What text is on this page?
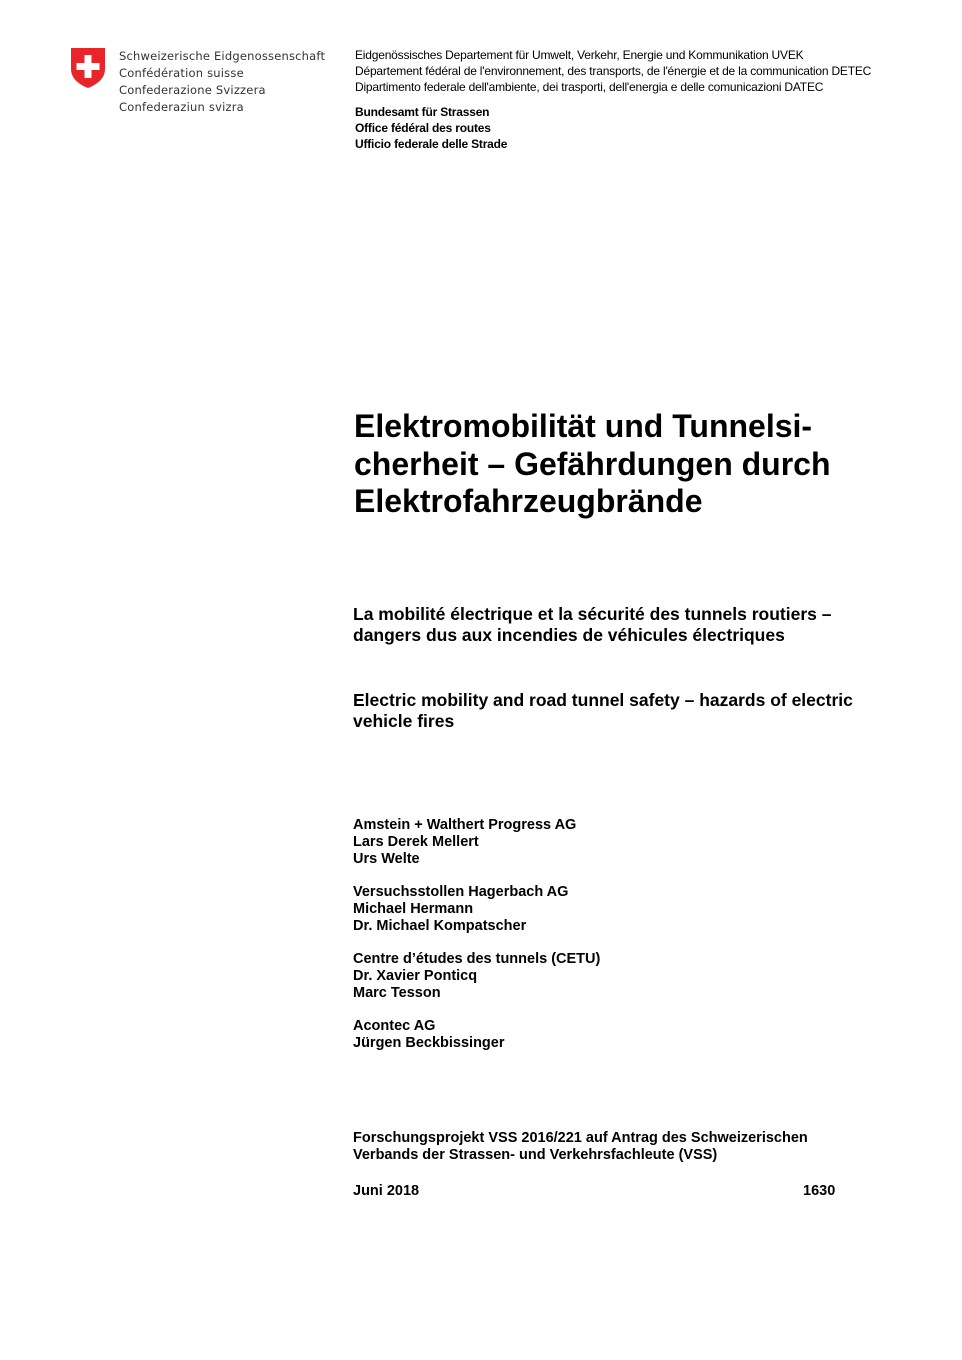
Schweizerische Eidgenossenschaft
Confédération suisse
Confederazione Svizzera
Confederaziun svizra
Eidgenössisches Departement für Umwelt, Verkehr, Energie und Kommunikation UVEK
Département fédéral de l'environnement, des transports, de l'énergie et de la communication DETEC
Dipartimento federale dell'ambiente, dei trasporti, dell'energia e delle comunicazioni DATEC
Bundesamt für Strassen
Office fédéral des routes
Ufficio federale delle Strade
Elektromobilität und Tunnelsi-
cherheit – Gefährdungen durch
Elektrofahrzeugbrände
La mobilité électrique et la sécurité des tunnels routiers –
dangers dus aux incendies de véhicules électriques
Electric mobility and road tunnel safety – hazards of electric
vehicle fires
Amstein + Walthert Progress AG
Lars Derek Mellert
Urs Welte
Versuchsstollen Hagerbach AG
Michael Hermann
Dr. Michael Kompatscher
Centre d’études des tunnels (CETU)
Dr. Xavier Ponticq
Marc Tesson
Acontec AG
Jürgen Beckbissinger
Forschungsprojekt VSS 2016/221 auf Antrag des Schweizerischen
Verbands der Strassen- und Verkehrsfachleute (VSS)
Juni 2018	1630
